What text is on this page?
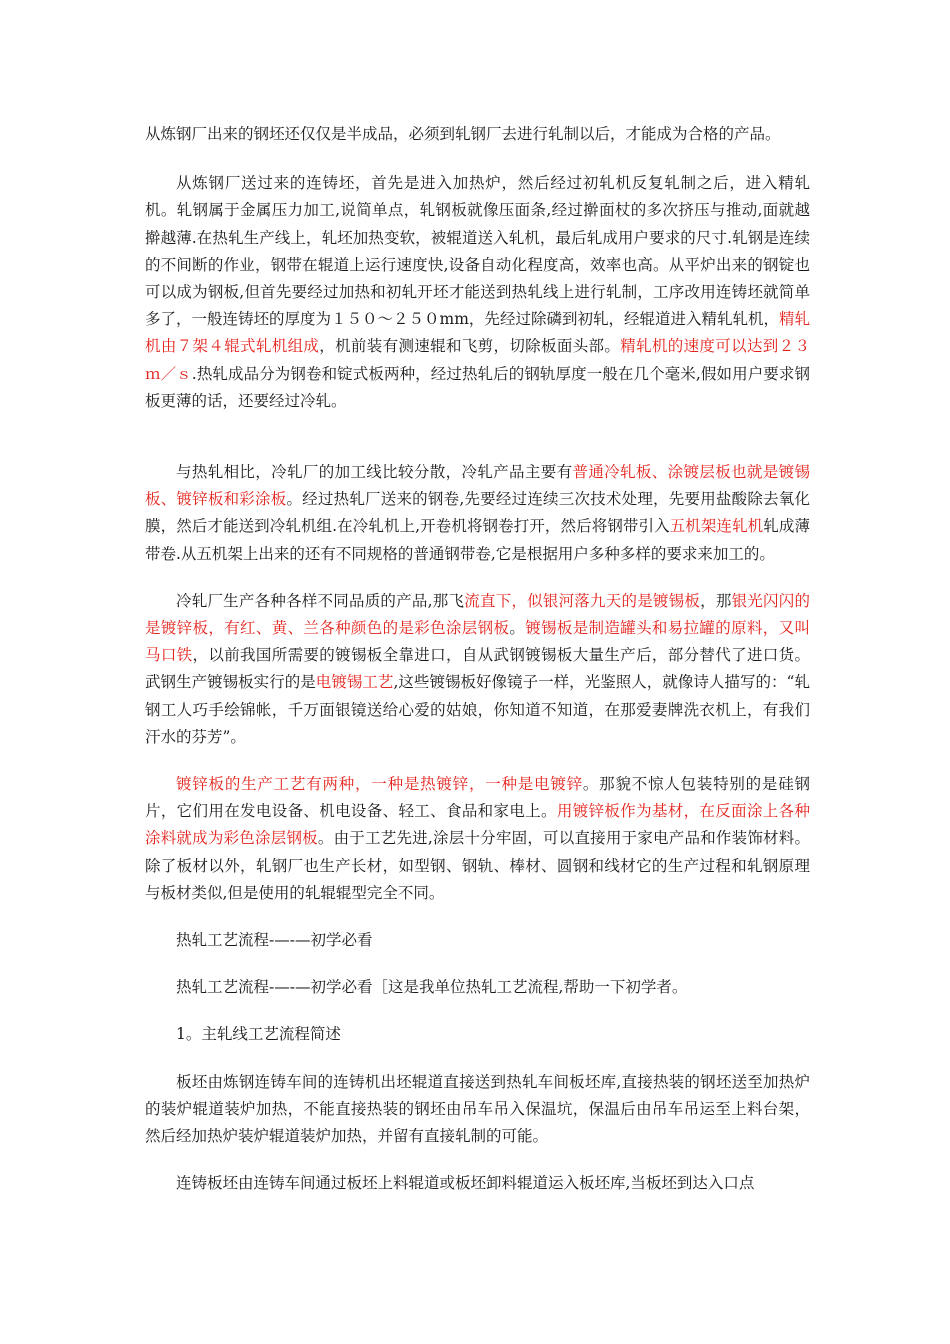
从炼钢厂出来的钢坯还仅仅是半成品，必须到轧钢厂去进行轧制以后，才能成为合格的产品。

从炼钢厂送过来的连铸坯，首先是进入加热炉，然后经过初轧机反复轧制之后，进入精轧机。轧钢属于金属压力加工,说简单点，轧钢板就像压面条,经过擀面杖的多次挤压与推动,面就越擀越薄.在热轧生产线上，轧坯加热变软，被辊道送入轧机，最后轧成用户要求的尺寸.轧钢是连续的不间断的作业，钢带在辊道上运行速度快,设备自动化程度高，效率也高。从平炉出来的钢锭也可以成为钢板,但首先要经过加热和初轧开坯才能送到热轧线上进行轧制，工序改用连铸坯就简单多了，一般连铸坯的厚度为１５０～２５０mm，先经过除磷到初轧，经辊道进入精轧轧机，精轧机由７架４辊式轧机组成，机前装有测速辊和飞剪，切除板面头部。精轧机的速度可以达到２３ｍ／ｓ.热轧成品分为钢卷和锭式板两种，经过热轧后的钢轨厚度一般在几个毫米,假如用户要求钢板更薄的话，还要经过冷轧。

与热轧相比，冷轧厂的加工线比较分散，冷轧产品主要有普通冷轧板、涂镀层板也就是镀锡板、镀锌板和彩涂板。经过热轧厂送来的钢卷,先要经过连续三次技术处理，先要用盐酸除去氧化膜，然后才能送到冷轧机组.在冷轧机上,开卷机将钢卷打开，然后将钢带引入五机架连轧机轧成薄带卷.从五机架上出来的还有不同规格的普通钢带卷,它是根据用户多种多样的要求来加工的。

冷轧厂生产各种各样不同品质的产品,那飞流直下，似银河落九天的是镀锡板，那银光闪闪的是镀锌板，有红、黄、兰各种颜色的是彩色涂层钢板。镀锡板是制造罐头和易拉罐的原料，又叫马口铁，以前我国所需要的镀锡板全靠进口，自从武钢镀锡板大量生产后，部分替代了进口货。武钢生产镀锡板实行的是电镀锡工艺,这些镀锡板好像镜子一样，光鉴照人，就像诗人描写的：“轧钢工人巧手绘锦帐，千万面银镜送给心爱的姑娘，你知道不知道，在那爱妻牌洗衣机上，有我们汗水的芬芳”。

镀锌板的生产工艺有两种，一种是热镀锌，一种是电镀锌。那貌不惊人包装特别的是硅钢片，它们用在发电设备、机电设备、轻工、食品和家电上。用镀锌板作为基材，在反面涂上各种涂料就成为彩色涂层钢板。由于工艺先进,涂层十分牢固，可以直接用于家电产品和作装饰材料。除了板材以外，轧钢厂也生产长材，如型钢、钢轨、棒材、圆钢和线材它的生产过程和轧钢原理与板材类似,但是使用的轧辊辊型完全不同。

热轧工艺流程-—-—初学必看

热轧工艺流程-—-—初学必看［这是我单位热轧工艺流程,帮助一下初学者。

1。主轧线工艺流程简述

板坯由炼钢连铸车间的连铸机出坯辊道直接送到热轧车间板坯库,直接热装的钢坯送至加热炉的装炉辊道装炉加热，不能直接热装的钢坯由吊车吊入保温坑，保温后由吊车吊运至上料台架，然后经加热炉装炉辊道装炉加热，并留有直接轧制的可能。

连铸板坯由连铸车间通过板坯上料辊道或板坯卸料辊道运入板坯库,当板坯到达入口点
